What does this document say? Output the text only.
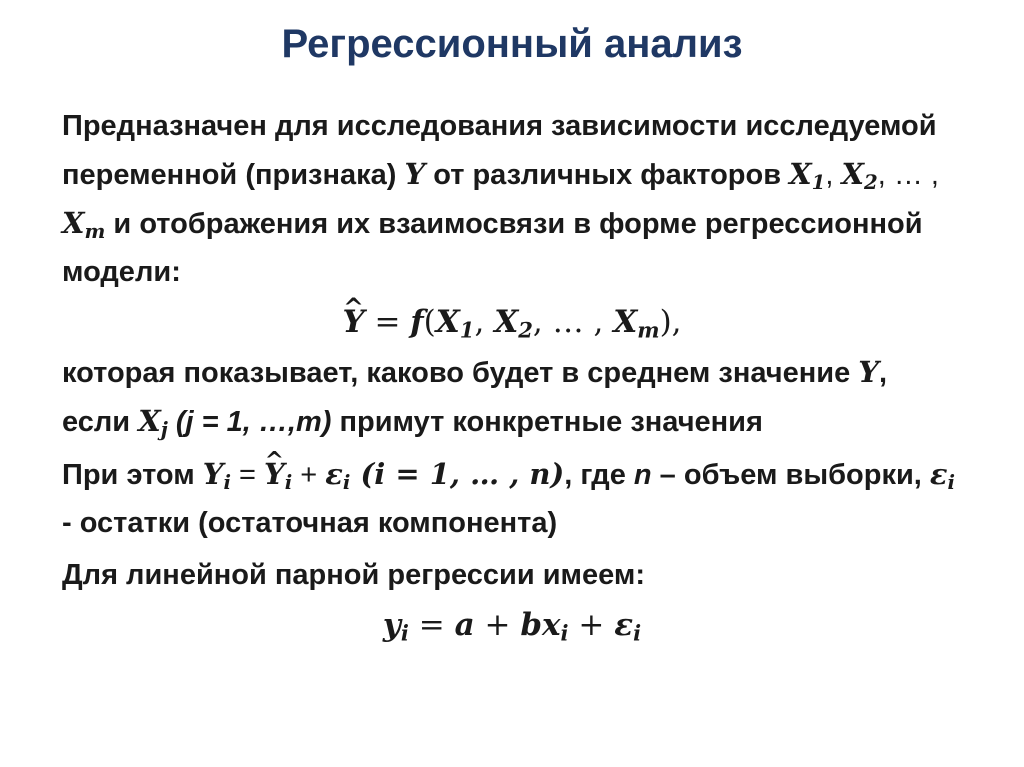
Регрессионный анализ

Предназначен для исследования зависимости исследуемой переменной (признака) Y от различных факторов $X_1$, $X_2$, … , $X_m$ и отображения их взаимосвязи в форме регрессионной модели:

^ $Y = f(X_1$, $X_2$, … , $X_m$),

которая показывает, каково будет в среднем значение Y, если $X_j$ (j = 1, …,m) примут конкретные значения

При этом $Y_i$ = ^ $Y_i + \varepsilon_i$ (i = 1, … , n), где n – объем выборки, $\varepsilon_i$ - остатки (остаточная компонента)

Для линейной парной регрессии имеем:

$y_i = a + bx_i + \varepsilon_i$
